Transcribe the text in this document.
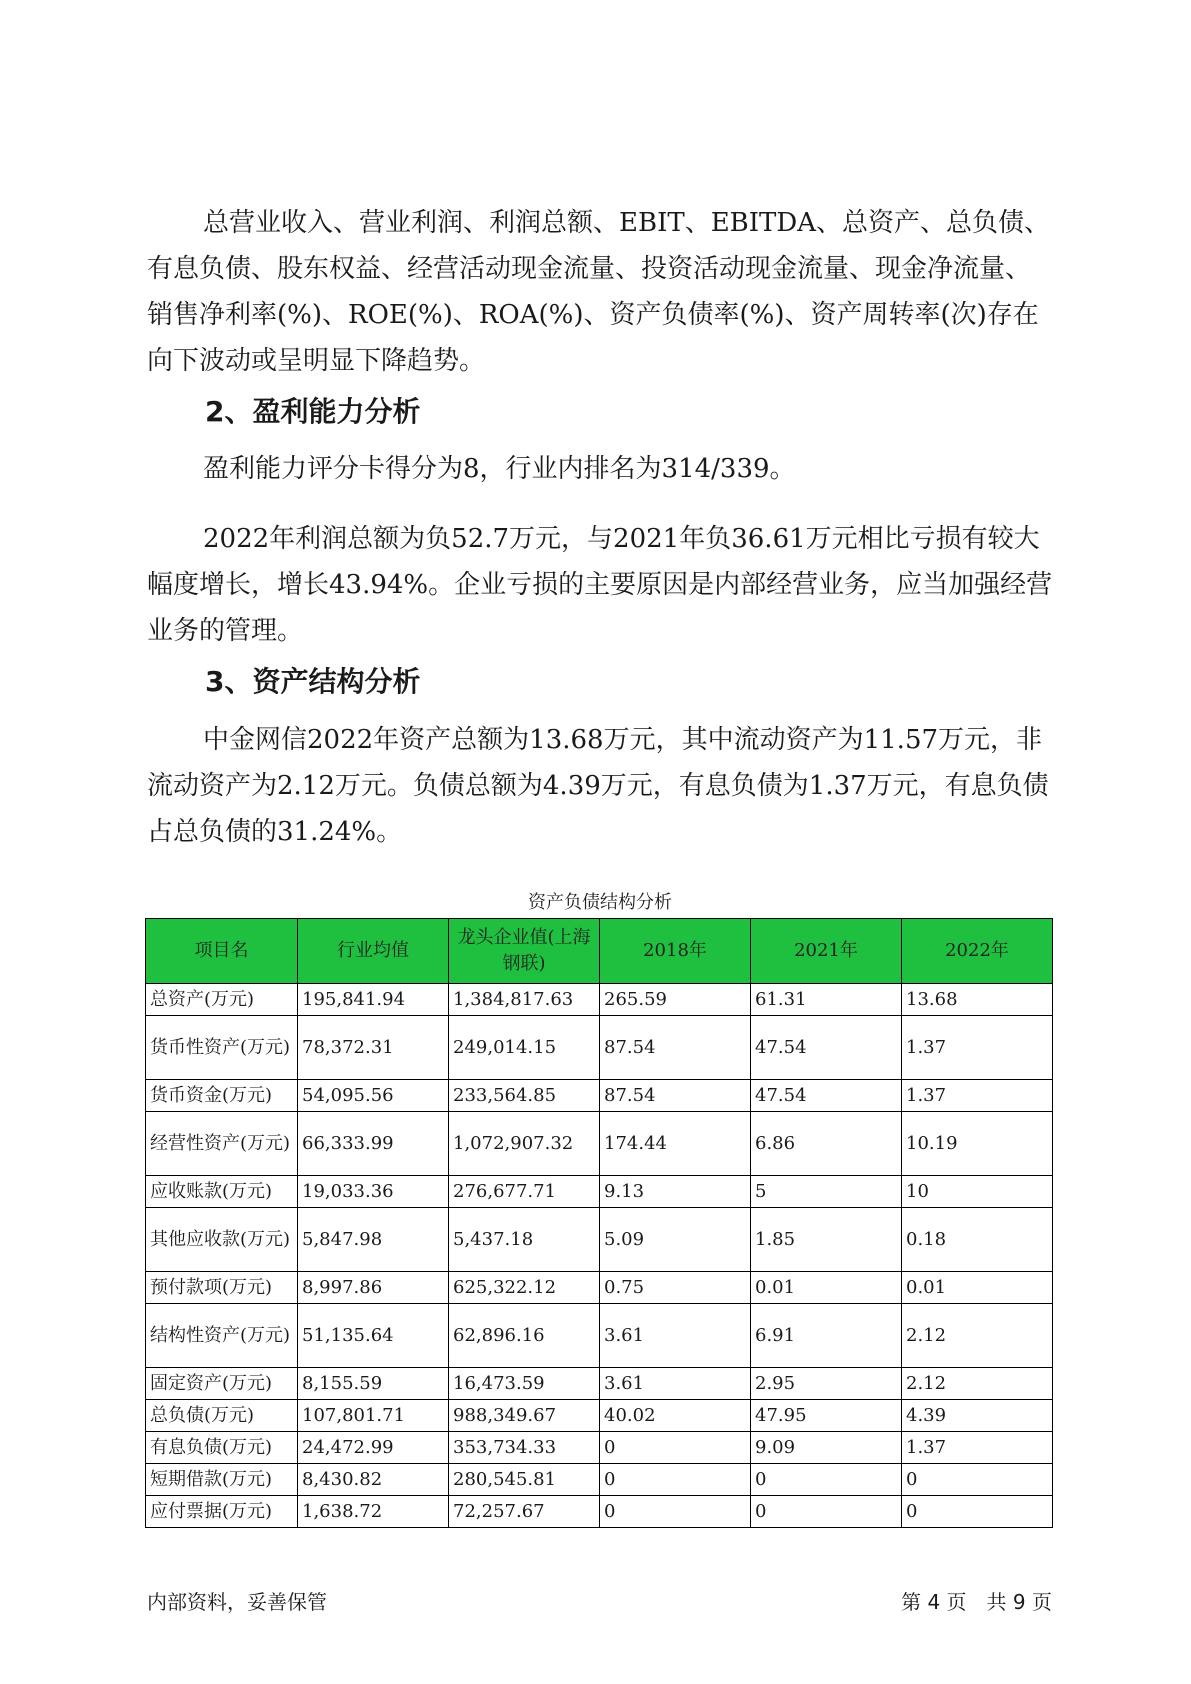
总营业收入、营业利润、利润总额、EBIT、EBITDA、总资产、总负债、有息负债、股东权益、经营活动现金流量、投资活动现金流量、现金净流量、销售净利率(%)、ROE(%)、ROA(%)、资产负债率(%)、资产周转率(次)存在向下波动或呈明显下降趋势。

2、盈利能力分析

盈利能力评分卡得分为8，行业内排名为314/339。

2022年利润总额为负52.7万元，与2021年负36.61万元相比亏损有较大幅度增长，增长43.94%。企业亏损的主要原因是内部经营业务，应当加强经营业务的管理。

3、资产结构分析

中金网信2022年资产总额为13.68万元，其中流动资产为11.57万元，非流动资产为2.12万元。负债总额为4.39万元，有息负债为1.37万元，有息负债占总负债的31.24%。

资产负债结构分析
项目名	行业均值	龙头企业值(上海钢联)	2018年	2021年	2022年
总资产(万元)	195,841.94	1,384,817.63	265.59	61.31	13.68
货币性资产(万元)	78,372.31	249,014.15	87.54	47.54	1.37
货币资金(万元)	54,095.56	233,564.85	87.54	47.54	1.37
经营性资产(万元)	66,333.99	1,072,907.32	174.44	6.86	10.19
应收账款(万元)	19,033.36	276,677.71	9.13	5	10
其他应收款(万元)	5,847.98	5,437.18	5.09	1.85	0.18
预付款项(万元)	8,997.86	625,322.12	0.75	0.01	0.01
结构性资产(万元)	51,135.64	62,896.16	3.61	6.91	2.12
固定资产(万元)	8,155.59	16,473.59	3.61	2.95	2.12
总负债(万元)	107,801.71	988,349.67	40.02	47.95	4.39
有息负债(万元)	24,472.99	353,734.33	0	9.09	1.37
短期借款(万元)	8,430.82	280,545.81	0	0	0
应付票据(万元)	1,638.72	72,257.67	0	0	0
内部资料，妥善保管	第 4 页 共 9 页
